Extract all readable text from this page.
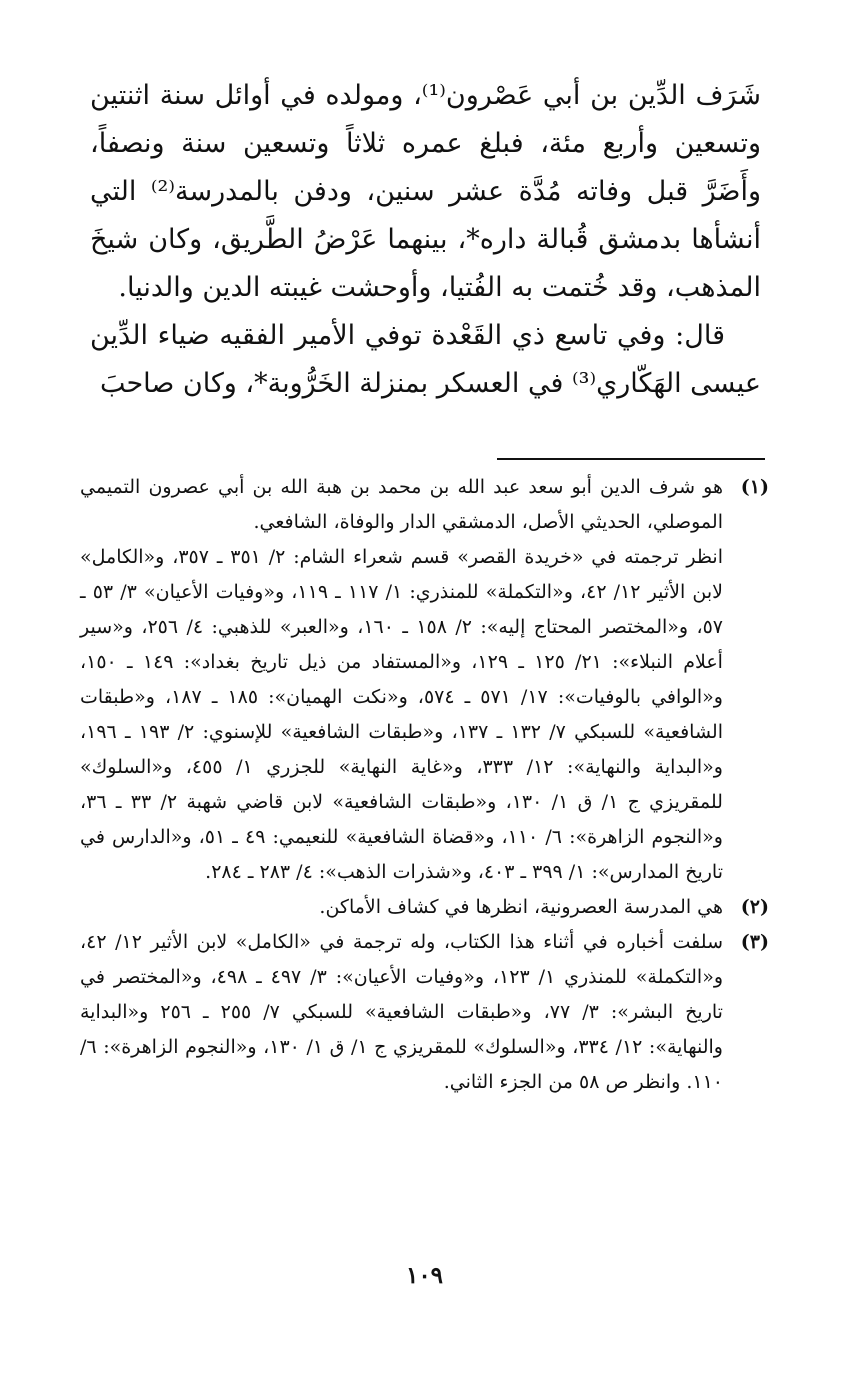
شَرَف الدِّين بن أبي عَصْرون⁽¹⁾، ومولده في أوائل سنة اثنتين وتسعين وأربع مئة، فبلغ عمره ثلاثاً وتسعين سنة ونصفاً، وأَضَرَّ قبل وفاته مُدَّة عشر سنين، ودفن بالمدرسة⁽²⁾ التي أنشأها بدمشق قُبالة داره*، بينهما عَرْضُ الطَّريق، وكان شيخَ المذهب، وقد خُتمت به الفُتيا، وأوحشت غيبته الدين والدنيا.

قال: وفي تاسع ذي القَعْدة توفي الأمير الفقيه ضياء الدِّين عيسى الهَكّاري⁽³⁾ في العسكر بمنزلة الخَرُّوبة*، وكان صاحبَ

(١)

هو شرف الدين أبو سعد عبد الله بن محمد بن هبة الله بن أبي عصرون التميمي الموصلي، الحديثي الأصل، الدمشقي الدار والوفاة، الشافعي.

انظر ترجمته في «خريدة القصر» قسم شعراء الشام: ٢/ ٣٥١ ـ ٣٥٧، و«الكامل» لابن الأثير ١٢/ ٤٢، و«التكملة» للمنذري: ١/ ١١٧ ـ ١١٩، و«وفيات الأعيان» ٣/ ٥٣ ـ ٥٧، و«المختصر المحتاج إليه»: ٢/ ١٥٨ ـ ١٦٠، و«العبر» للذهبي: ٤/ ٢٥٦، و«سير أعلام النبلاء»: ٢١/ ١٢٥ ـ ١٢٩، و«المستفاد من ذيل تاريخ بغداد»: ١٤٩ ـ ١٥٠، و«الوافي بالوفيات»: ١٧/ ٥٧١ ـ ٥٧٤، و«نكت الهميان»: ١٨٥ ـ ١٨٧، و«طبقات الشافعية» للسبكي ٧/ ١٣٢ ـ ١٣٧، و«طبقات الشافعية» للإسنوي: ٢/ ١٩٣ ـ ١٩٦، و«البداية والنهاية»: ١٢/ ٣٣٣، و«غاية النهاية» للجزري ١/ ٤٥٥، و«السلوك» للمقريزي ج ١/ ق ١/ ١٣٠، و«طبقات الشافعية» لابن قاضي شهبة ٢/ ٣٣ ـ ٣٦، و«النجوم الزاهرة»: ٦/ ١١٠، و«قضاة الشافعية» للنعيمي: ٤٩ ـ ٥١، و«الدارس في تاريخ المدارس»: ١/ ٣٩٩ ـ ٤٠٣، و«شذرات الذهب»: ٤/ ٢٨٣ ـ ٢٨٤.

(٢)

هي المدرسة العصرونية، انظرها في كشاف الأماكن.

(٣)

سلفت أخباره في أثناء هذا الكتاب، وله ترجمة في «الكامل» لابن الأثير ١٢/ ٤٢، و«التكملة» للمنذري ١/ ١٢٣، و«وفيات الأعيان»: ٣/ ٤٩٧ ـ ٤٩٨، و«المختصر في تاريخ البشر»: ٣/ ٧٧، و«طبقات الشافعية» للسبكي ٧/ ٢٥٥ ـ ٢٥٦ و«البداية والنهاية»: ١٢/ ٣٣٤، و«السلوك» للمقريزي ج ١/ ق ١/ ١٣٠، و«النجوم الزاهرة»: ٦/ ١١٠. وانظر ص ٥٨ من الجزء الثاني.

١٠٩
